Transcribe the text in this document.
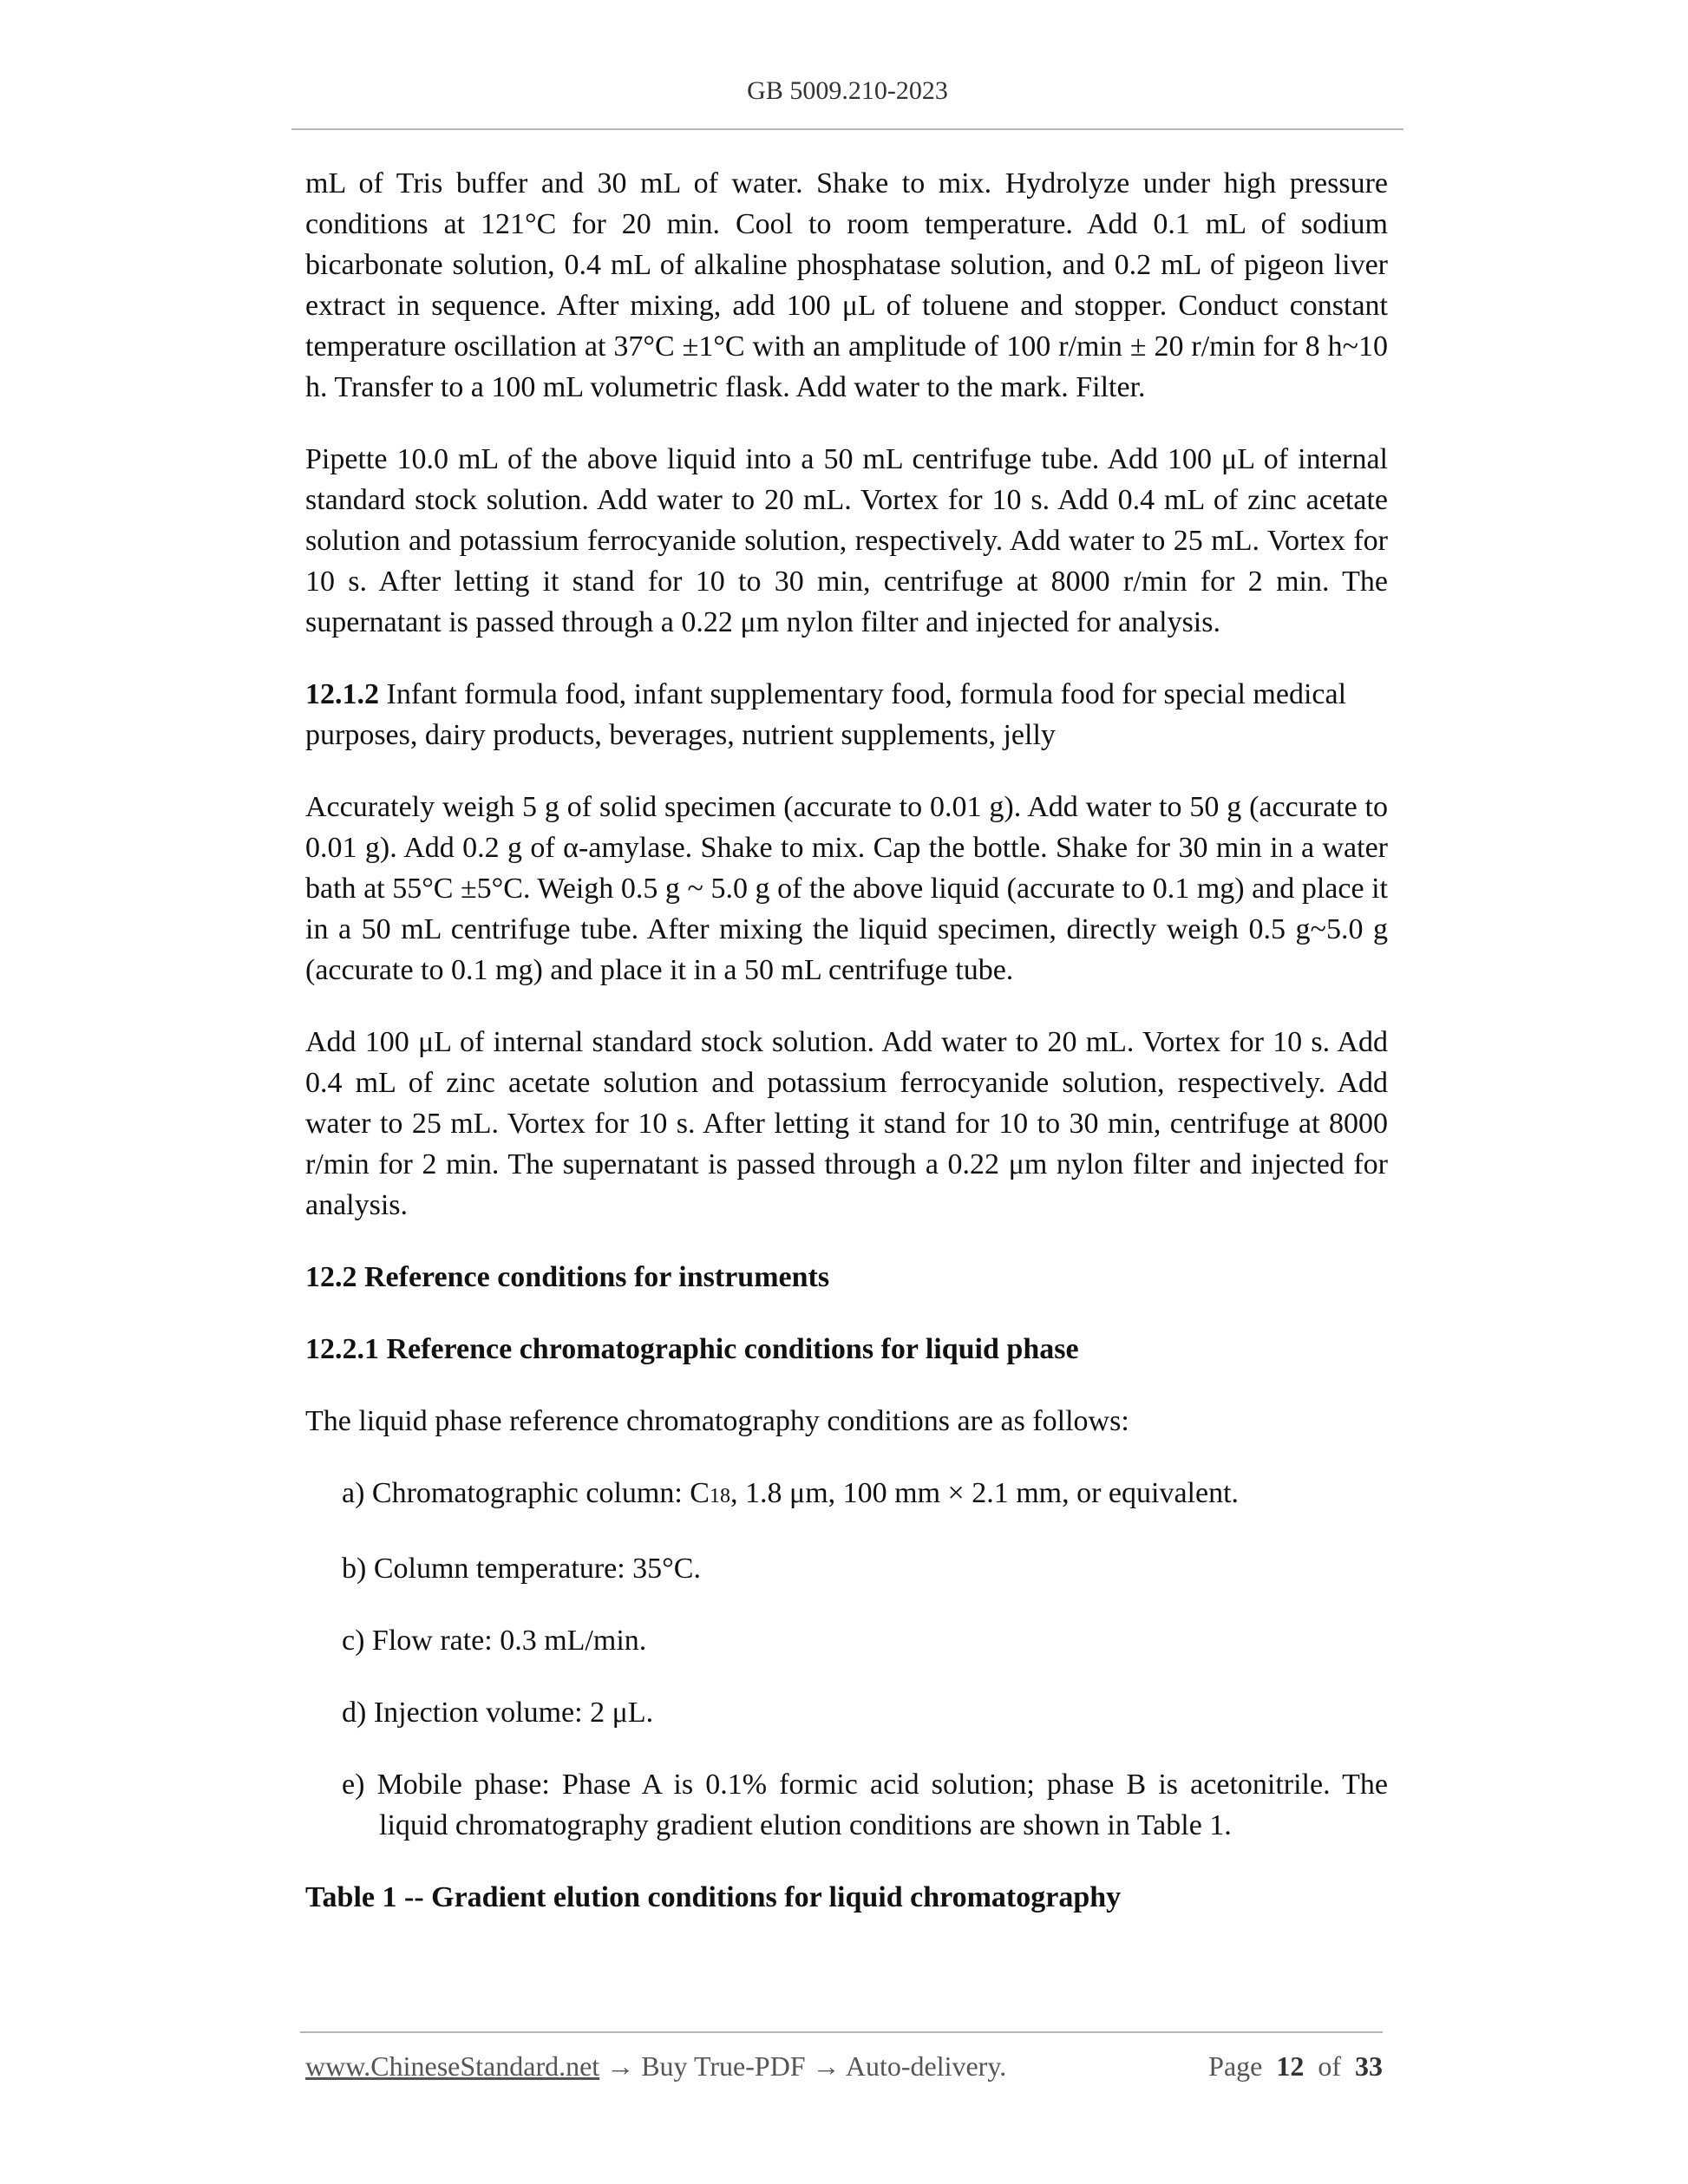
GB 5009.210-2023

mL of Tris buffer and 30 mL of water. Shake to mix. Hydrolyze under high pressure conditions at 121°C for 20 min. Cool to room temperature. Add 0.1 mL of sodium bicarbonate solution, 0.4 mL of alkaline phosphatase solution, and 0.2 mL of pigeon liver extract in sequence. After mixing, add 100 μL of toluene and stopper. Conduct constant temperature oscillation at 37°C ±1°C with an amplitude of 100 r/min ± 20 r/min for 8 h~10 h. Transfer to a 100 mL volumetric flask. Add water to the mark. Filter.

Pipette 10.0 mL of the above liquid into a 50 mL centrifuge tube. Add 100 μL of internal standard stock solution. Add water to 20 mL. Vortex for 10 s. Add 0.4 mL of zinc acetate solution and potassium ferrocyanide solution, respectively. Add water to 25 mL. Vortex for 10 s. After letting it stand for 10 to 30 min, centrifuge at 8000 r/min for 2 min. The supernatant is passed through a 0.22 μm nylon filter and injected for analysis.

12.1.2 Infant formula food, infant supplementary food, formula food for special medical purposes, dairy products, beverages, nutrient supplements, jelly

Accurately weigh 5 g of solid specimen (accurate to 0.01 g). Add water to 50 g (accurate to 0.01 g). Add 0.2 g of α-amylase. Shake to mix. Cap the bottle. Shake for 30 min in a water bath at 55°C ±5°C. Weigh 0.5 g ~ 5.0 g of the above liquid (accurate to 0.1 mg) and place it in a 50 mL centrifuge tube. After mixing the liquid specimen, directly weigh 0.5 g~5.0 g (accurate to 0.1 mg) and place it in a 50 mL centrifuge tube.

Add 100 μL of internal standard stock solution. Add water to 20 mL. Vortex for 10 s. Add 0.4 mL of zinc acetate solution and potassium ferrocyanide solution, respectively. Add water to 25 mL. Vortex for 10 s. After letting it stand for 10 to 30 min, centrifuge at 8000 r/min for 2 min. The supernatant is passed through a 0.22 μm nylon filter and injected for analysis.

12.2 Reference conditions for instruments
12.2.1 Reference chromatographic conditions for liquid phase

The liquid phase reference chromatography conditions are as follows:

a) Chromatographic column: C18, 1.8 μm, 100 mm × 2.1 mm, or equivalent.
b) Column temperature: 35°C.
c) Flow rate: 0.3 mL/min.
d) Injection volume: 2 μL.
e) Mobile phase: Phase A is 0.1% formic acid solution; phase B is acetonitrile. The liquid chromatography gradient elution conditions are shown in Table 1.

Table 1 -- Gradient elution conditions for liquid chromatography

www.ChineseStandard.net → Buy True-PDF → Auto-delivery.	Page 12 of 33
